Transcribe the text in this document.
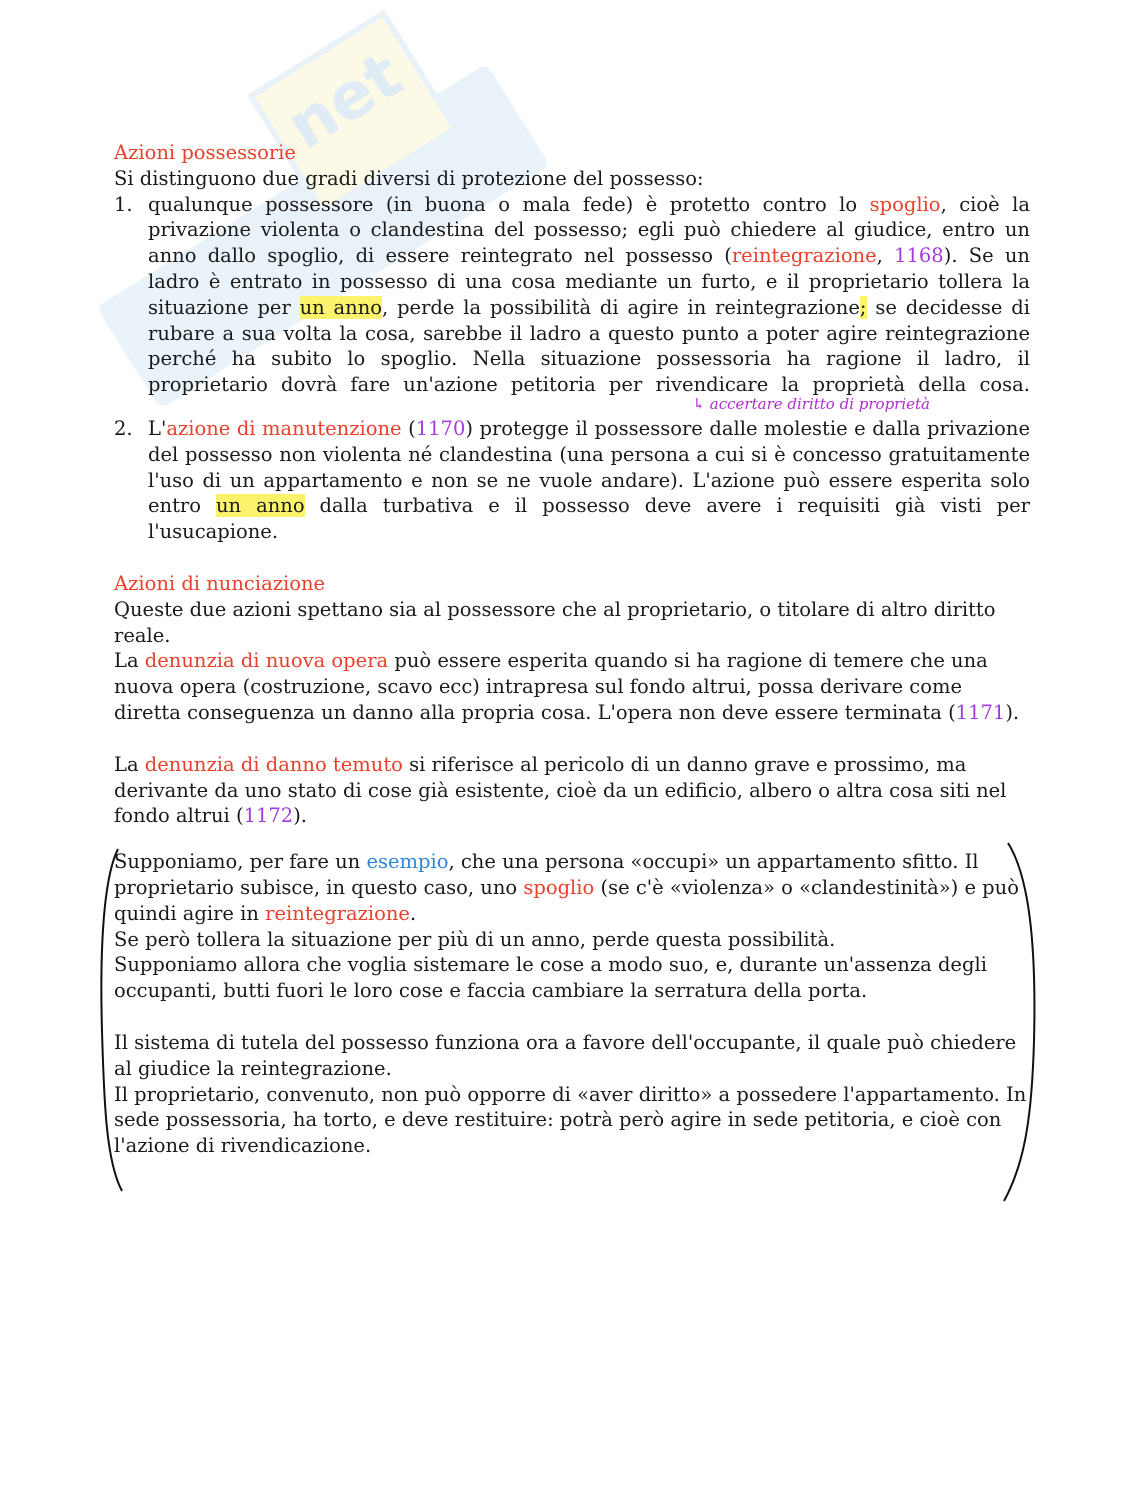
net

Azioni possessorie

Si distinguono due gradi diversi di protezione del possesso:

1. qualunque possessore (in buona o mala fede) è protetto contro lo spoglio, cioè la privazione violenta o clandestina del possesso; egli può chiedere al giudice, entro un anno dallo spoglio, di essere reintegrato nel possesso (reintegrazione, 1168). Se un ladro è entrato in possesso di una cosa mediante un furto, e il proprietario tollera la situazione per un anno, perde la possibilità di agire in reintegrazione; se decidesse di rubare a sua volta la cosa, sarebbe il ladro a questo punto a poter agire reintegrazione perché ha subito lo spoglio. Nella situazione possessoria ha ragione il ladro, il proprietario dovrà fare un'azione petitoria per rivendicare la proprietà della cosa.
↳ accertare diritto di proprietà
2. L'azione di manutenzione (1170) protegge il possessore dalle molestie e dalla privazione del possesso non violenta né clandestina (una persona a cui si è concesso gratuitamente l'uso di un appartamento e non se ne vuole andare). L'azione può essere esperita solo entro un anno dalla turbativa e il possesso deve avere i requisiti già visti per l'usucapione.

Azioni di nunciazione

Queste due azioni spettano sia al possessore che al proprietario, o titolare di altro diritto reale.

La denunzia di nuova opera può essere esperita quando si ha ragione di temere che una nuova opera (costruzione, scavo ecc) intrapresa sul fondo altrui, possa derivare come diretta conseguenza un danno alla propria cosa. L'opera non deve essere terminata (1171).

La denunzia di danno temuto si riferisce al pericolo di un danno grave e prossimo, ma derivante da uno stato di cose già esistente, cioè da un edificio, albero o altra cosa siti nel fondo altrui (1172).

Supponiamo, per fare un esempio, che una persona «occupi» un appartamento sfitto. Il proprietario subisce, in questo caso, uno spoglio (se c'è «violenza» o «clandestinità») e può quindi agire in reintegrazione.

Se però tollera la situazione per più di un anno, perde questa possibilità.

Supponiamo allora che voglia sistemare le cose a modo suo, e, durante un'assenza degli occupanti, butti fuori le loro cose e faccia cambiare la serratura della porta.

Il sistema di tutela del possesso funziona ora a favore dell'occupante, il quale può chiedere al giudice la reintegrazione.

Il proprietario, convenuto, non può opporre di «aver diritto» a possedere l'appartamento. In sede possessoria, ha torto, e deve restituire: potrà però agire in sede petitoria, e cioè con l'azione di rivendicazione.
